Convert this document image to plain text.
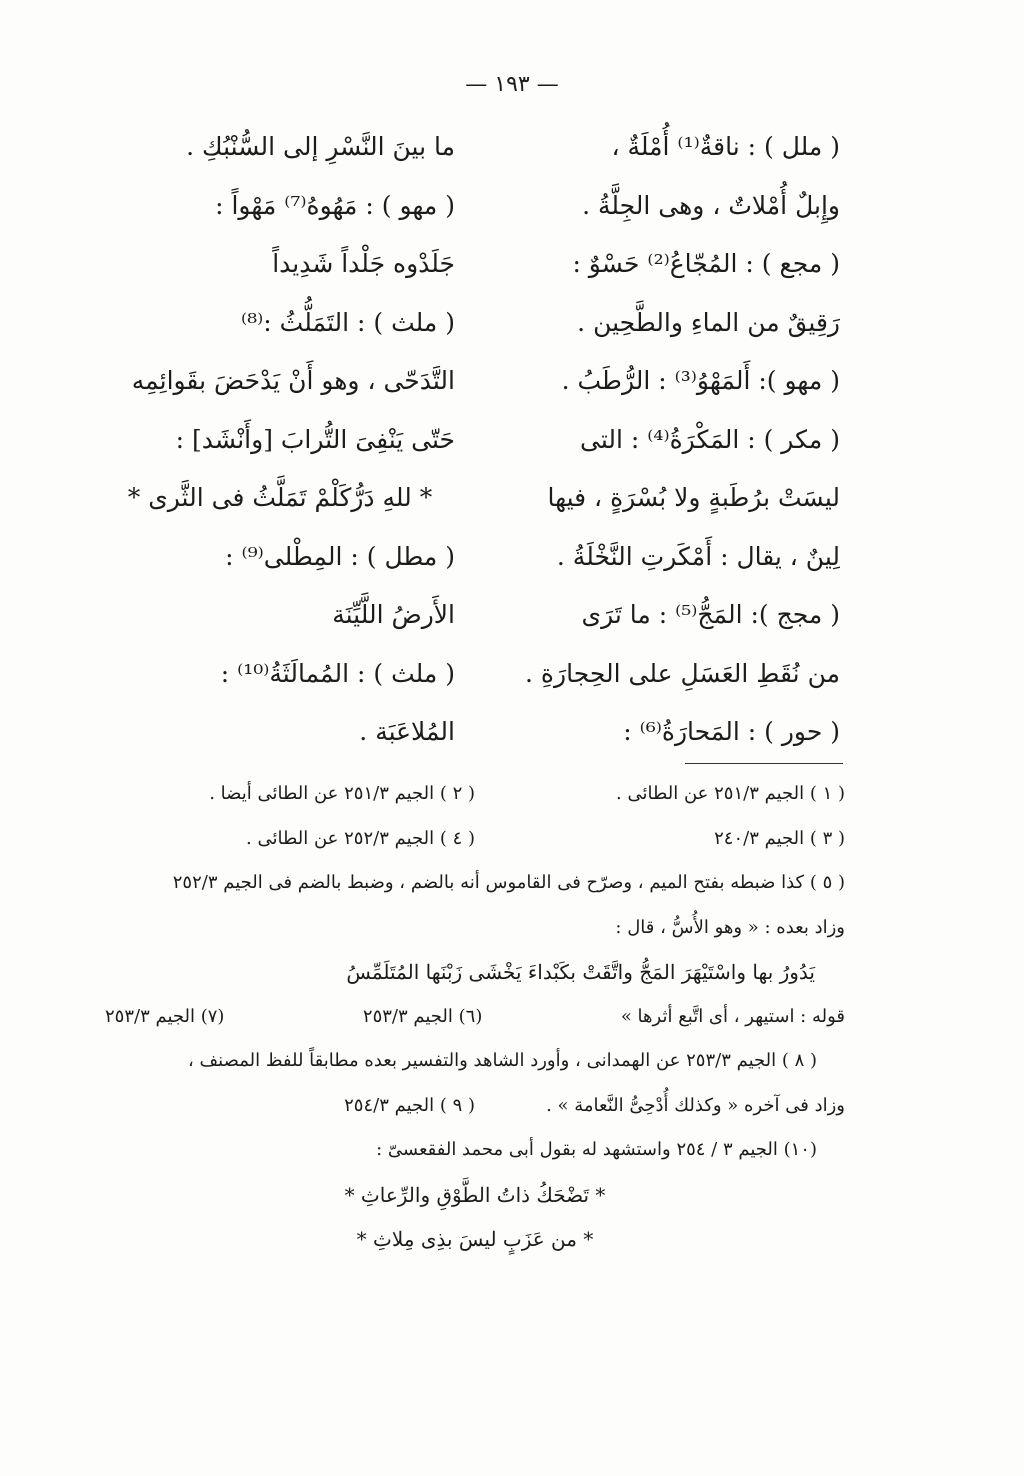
— ١٩٣ —
( ملل ) : ناقةٌ⁽¹⁾ أُمْلَةٌ ،
وإِبلٌ أُمْلاتٌ ، وهى الجِلَّةُ .
( مجع ) : المُجّاعُ⁽²⁾ حَسْوٌ :
رَقِيقٌ من الماءِ والطَّحِين .
( مهو ): أَلمَهْوُ⁽³⁾ : الرُّطَبُ .
( مكر ) : المَكْرَةُ⁽⁴⁾ : التى
ليسَتْ برُطَبةٍ ولا بُسْرَةٍ ، فيها
لِينٌ ، يقال : أَمْكَرتِ النَّخْلَةُ .
( مجج ): المَجُّ⁽⁵⁾ : ما تَرَى
من نُقَطِ العَسَلِ على الحِجارَةِ .
( حور ) : المَحارَةُ⁽⁶⁾ :
ما بينَ النَّسْرِ إلى السُّنْبُكِ .
( مهو ) : مَهُوهُ⁽⁷⁾ مَهْواً :
جَلَدْوه جَلْداً شَدِيداً
( ملث ) : التَمَلُّثُ :⁽⁸⁾
التَّدَحّى ، وهو أَنْ يَدْحَضَ بقَوائِمِه
حَتّى يَنْفِىَ التُّرابَ [وأَنْشَد] :
* للهِ دَرُّكَلْمْ تَمَلَّثُ فى الثَّرى *
( مطل ) : المِطْلى⁽⁹⁾ :
الأَرضُ اللَّيِّنَة
( ملث ) : المُمالَثَةُ⁽¹⁰⁾ :
المُلاعَبَة .
( ١ ) الجيم ٢٥١/٣ عن الطائى .
( ٢ ) الجيم ٢٥١/٣ عن الطائى أيضا .
( ٣ ) الجيم ٢٤٠/٣
( ٤ ) الجيم ٢٥٢/٣ عن الطائى .
( ٥ ) كذا ضبطه بفتح الميم ، وصرّح فى القاموس أنه بالضم ، وضبط بالضم فى الجيم ٢٥٢/٣
وزاد بعده : « وهو الأُسُّ ، قال :
يَدُورُ بها واسْتَيْهَرَ المَجُّ واتَّقَتْ بكَبْداءَ يَخْشَى زَبْنَها المُتَلَمِّسُ
قوله : استيهر ، أى اتَّبع أثرها »
(٦) الجيم ٢٥٣/٣
(٧) الجيم ٢٥٣/٣
( ٨ ) الجيم ٢٥٣/٣ عن الهمدانى ، وأورد الشاهد والتفسير بعده مطابقاً للفظ المصنف ،
وزاد فى آخره « وكذلك أُدْحِىُّ النَّعامة » .
( ٩ ) الجيم ٢٥٤/٣
(١٠) الجيم ٣ / ٢٥٤ واستشهد له بقول أبى محمد الفقعسىّ :
* تَضْحَكُ ذاتُ الطَّوْقِ والرِّعاثِ *
* من عَزَبٍ ليسَ بذِى مِلاثِ *
